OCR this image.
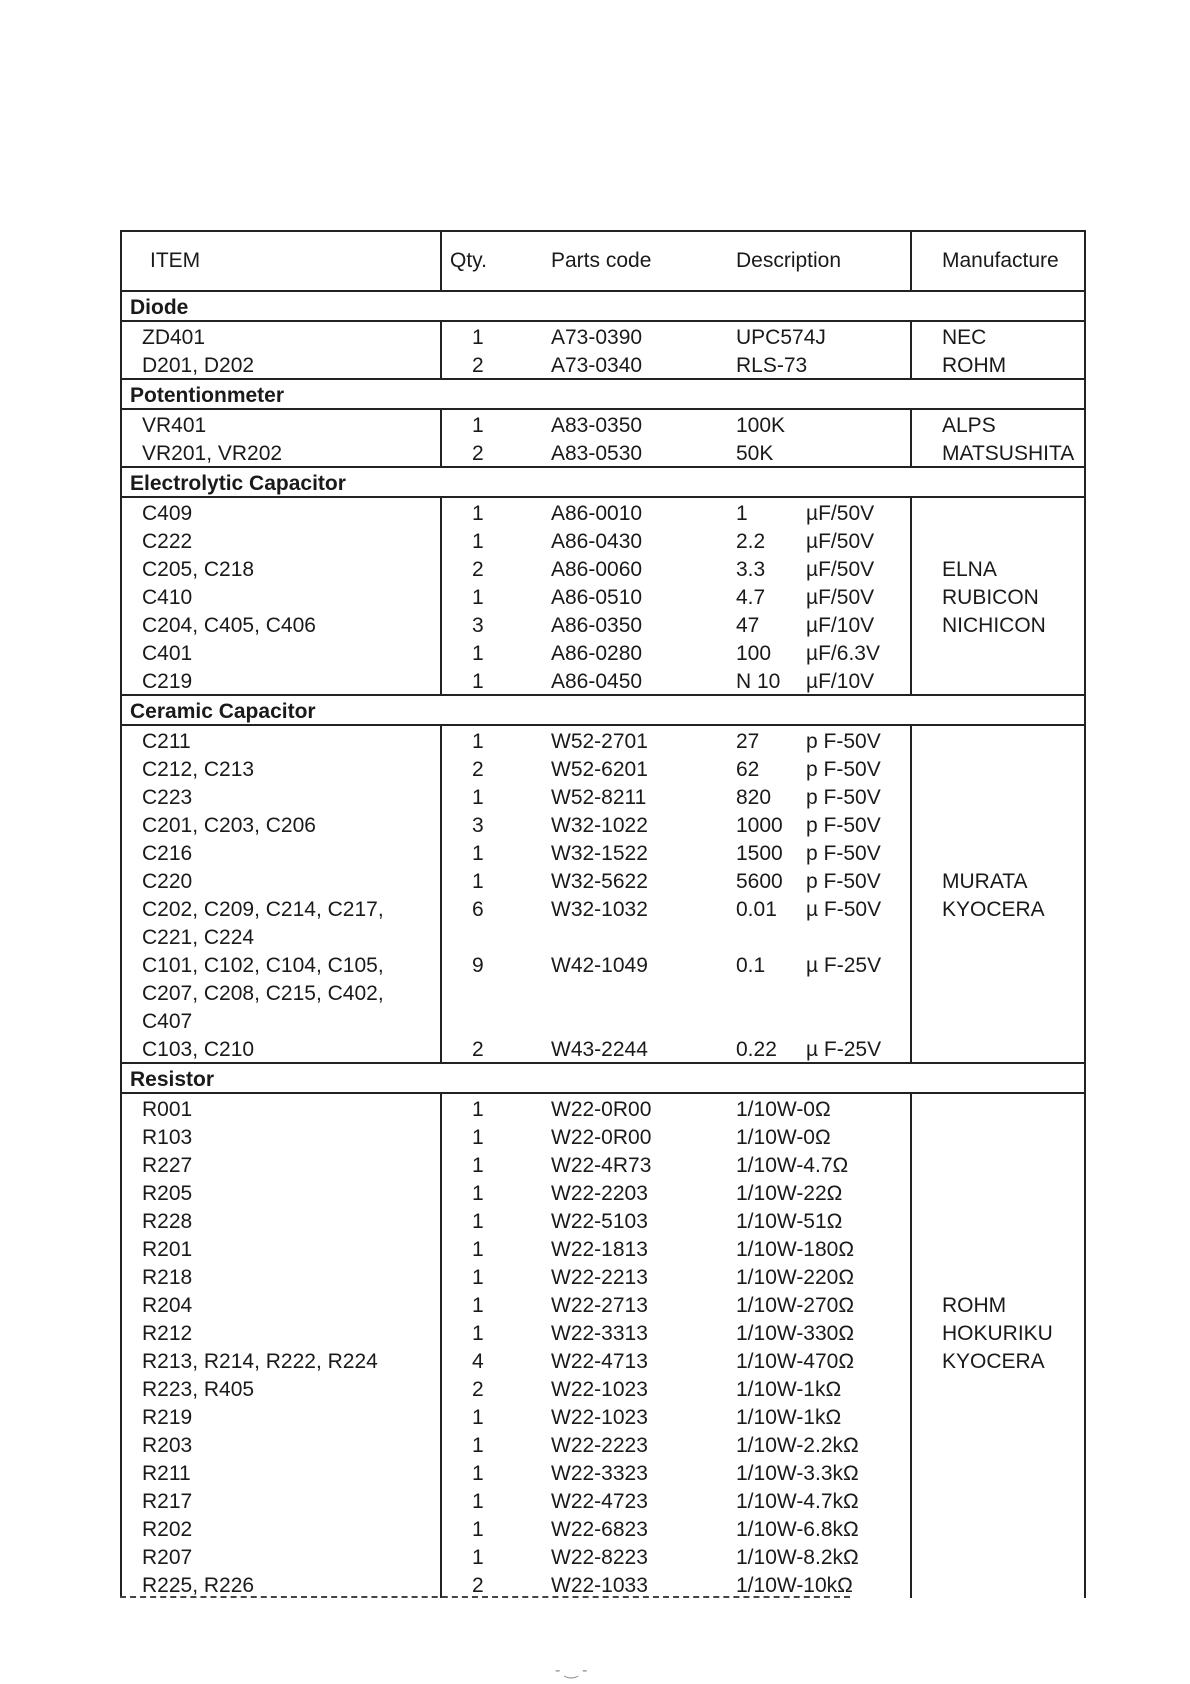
ITEM	Qty.	Parts code	Description	Manufacture
Diode				
ZD401	1	A73-0390	UPC574J	NEC
D201, D202	2	A73-0340	RLS-73	ROHM
Potentionmeter				
VR401	1	A83-0350	100K	ALPS
VR201, VR202	2	A83-0530	50K	MATSUSHITA
Electrolytic Capacitor				
C409	1	A86-0010	1 µF/50V	
C222	1	A86-0430	2.2 µF/50V	
C205, C218	2	A86-0060	3.3 µF/50V	ELNA
C410	1	A86-0510	4.7 µF/50V	RUBICON
C204, C405, C406	3	A86-0350	47 µF/10V	NICHICON
C401	1	A86-0280	100 µF/6.3V	
C219	1	A86-0450	N 10 µF/10V	
Ceramic Capacitor				
C211	1	W52-2701	27 p F-50V	
C212, C213	2	W52-6201	62 p F-50V	
C223	1	W52-8211	820 p F-50V	
C201, C203, C206	3	W32-1022	1000 p F-50V	
C216	1	W32-1522	1500 p F-50V	
C220	1	W32-5622	5600 p F-50V	MURATA
C202, C209, C214, C217,	6	W32-1032	0.01 µ F-50V	KYOCERA
C221, C224				
C101, C102, C104, C105,	9	W42-1049	0.1 µ F-25V	
C207, C208, C215, C402,				
C407				
C103, C210	2	W43-2244	0.22 µ F-25V	
Resistor				
R001	1	W22-0R00	1/10W-0Ω	
R103	1	W22-0R00	1/10W-0Ω	
R227	1	W22-4R73	1/10W-4.7Ω	
R205	1	W22-2203	1/10W-22Ω	
R228	1	W22-5103	1/10W-51Ω	
R201	1	W22-1813	1/10W-180Ω	
R218	1	W22-2213	1/10W-220Ω	
R204	1	W22-2713	1/10W-270Ω	ROHM
R212	1	W22-3313	1/10W-330Ω	HOKURIKU
R213, R214, R222, R224	4	W22-4713	1/10W-470Ω	KYOCERA
R223, R405	2	W22-1023	1/10W-1kΩ	
R219	1	W22-1023	1/10W-1kΩ	
R203	1	W22-2223	1/10W-2.2kΩ	
R211	1	W22-3323	1/10W-3.3kΩ	
R217	1	W22-4723	1/10W-4.7kΩ	
R202	1	W22-6823	1/10W-6.8kΩ	
R207	1	W22-8223	1/10W-8.2kΩ	
R225, R226	2	W22-1033	1/10W-10kΩ	
‐ ‿ ‐
